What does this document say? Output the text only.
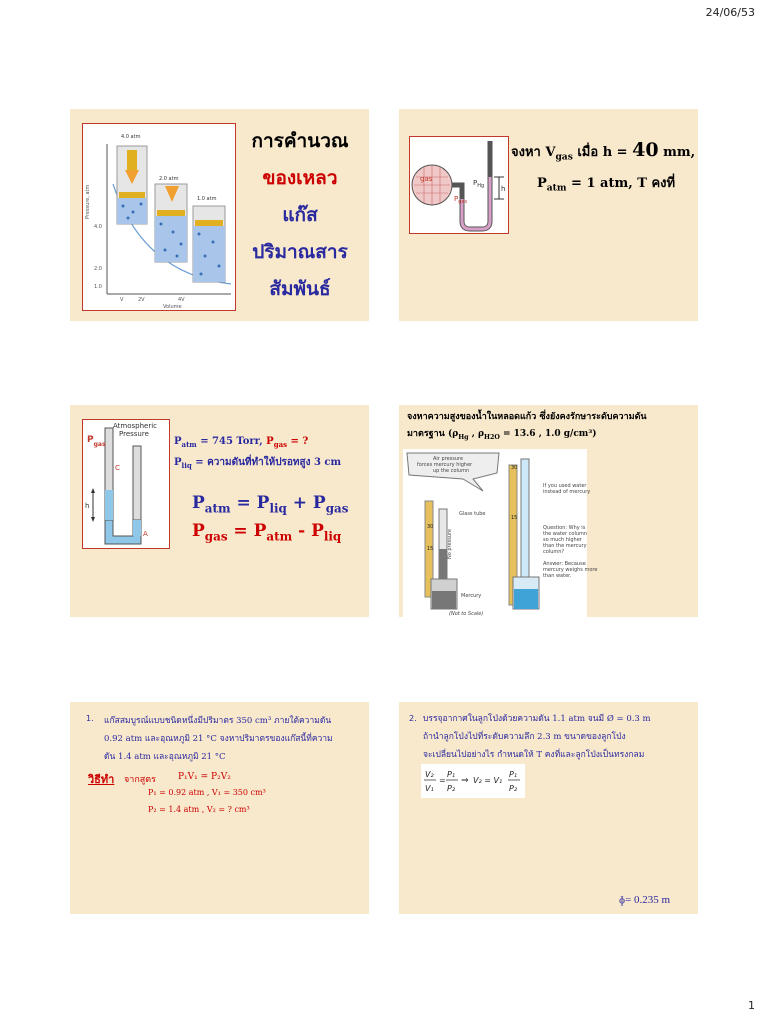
24/06/53
Pressure, atm
4.0
2.0
1.0
V	2V	4V
Volume
4.0 atm
2.0 atm
1.0 atm
การคำนวณ
ของเหลว
แก๊ส
ปริมาณสาร
สัมพันธ์
gas
h
$P_{Hg}$
$P_{gas}$
จงหา $V_{gas}$ เมื่อ h = 40 mm,
$P_{atm} = 1$ atm, T คงที่
Atmospheric
Pressure
h
C
A
$P_{gas}$	$P_{atm} = 745$ Torr, $P_{gas}$ = ?
$P_{liq}$ = ความดันที่ทำให้ปรอทสูง 3 cm
$P_{atm} = P_{liq} + P_{gas}$
$P_{gas} = P_{atm} - P_{liq}$
จงหาความสูงของน้ำในหลอดแก้ว ซึ่งยังคงรักษาระดับความดัน
มาตรฐาน ($\rho_{Hg}$ , $\rho_{H2O} = 13.6$ , 1.0 g/cm³)
Air pressure
forces mercury higher
up the column
30
15
Glass tube
No pressure
Mercury
(Not to Scale)
30
15
If you used water
instead of mercury
Question: Why is
the water column
so much higher
than the mercury
column?
Answer: Because
mercury weighs more
than water.
1. แก๊สสมบูรณ์แบบชนิดหนึ่งมีปริมาตร 350 cm³ ภายใต้ความดัน
0.92 atm และอุณหภูมิ 21 °C จงหาปริมาตรของแก๊สนี้ที่ความ
ดัน 1.4 atm และอุณหภูมิ 21 °C
วิธีทำ จากสูตร P₁V₁ = P₂V₂
P₁ = 0.92 atm , V₁ = 350 cm³
P₂ = 1.4 atm , V₂ = ? cm³
2. บรรจุอากาศในลูกโป่งด้วยความดัน 1.1 atm จนมี Ø = 0.3 m
ถ้านำลูกโป่งไปที่ระดับความลึก 2.3 m ขนาดของลูกโป่ง
จะเปลี่ยนไปอย่างไร กำหนดให้ T คงที่และลูกโป่งเป็นทรงกลม
V₂
V₁
=
P₁
P₂
⇒ V₂ = V₁
P₁
P₂
ɸ= 0.235 m
1
